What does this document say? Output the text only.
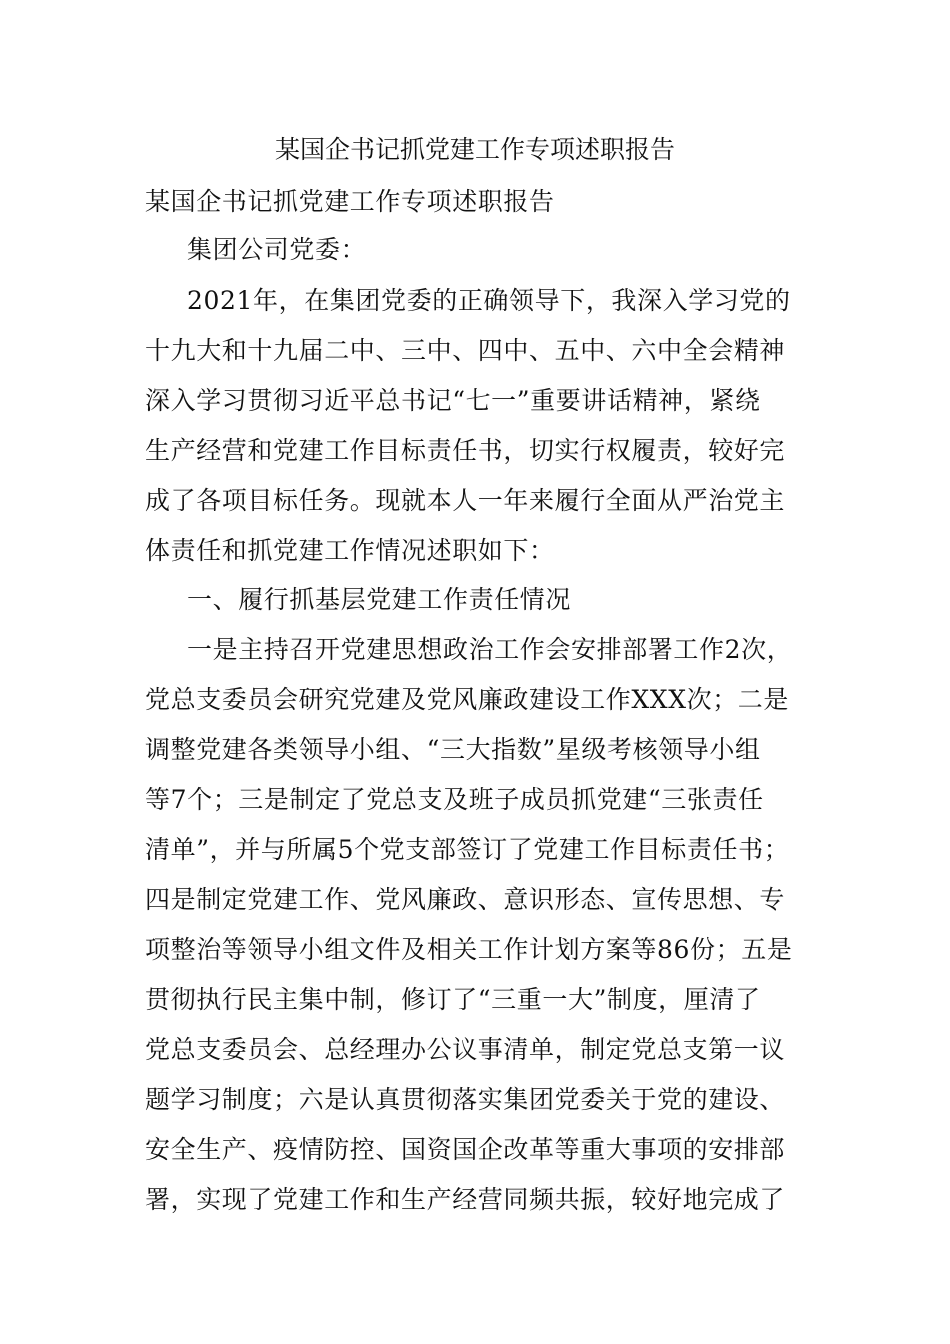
某国企书记抓党建工作专项述职报告
某国企书记抓党建工作专项述职报告
集团公司党委：
2021年，在集团党委的正确领导下，我深入学习党的
十九大和十九届二中、三中、四中、五中、六中全会精神
深入学习贯彻习近平总书记“七一”重要讲话精神，紧绕
生产经营和党建工作目标责任书，切实行权履责，较好完
成了各项目标任务。现就本人一年来履行全面从严治党主
体责任和抓党建工作情况述职如下：
一、履行抓基层党建工作责任情况
一是主持召开党建思想政治工作会安排部署工作2次，
党总支委员会研究党建及党风廉政建设工作XXX次；二是
调整党建各类领导小组、“三大指数”星级考核领导小组
等7个；三是制定了党总支及班子成员抓党建“三张责任
清单”，并与所属5个党支部签订了党建工作目标责任书；
四是制定党建工作、党风廉政、意识形态、宣传思想、专
项整治等领导小组文件及相关工作计划方案等86份；五是
贯彻执行民主集中制，修订了“三重一大”制度，厘清了
党总支委员会、总经理办公议事清单，制定党总支第一议
题学习制度；六是认真贯彻落实集团党委关于党的建设、
安全生产、疫情防控、国资国企改革等重大事项的安排部
署，实现了党建工作和生产经营同频共振，较好地完成了
